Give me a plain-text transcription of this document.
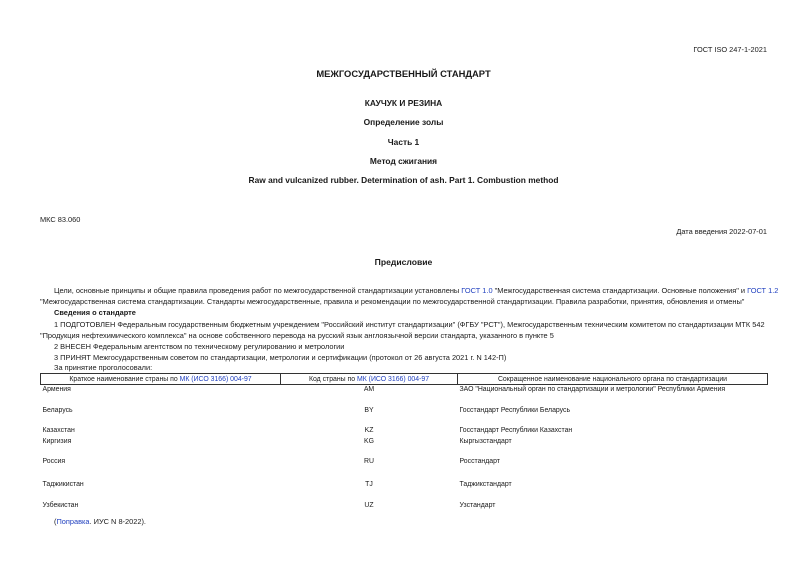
ГОСТ ISO 247-1-2021
МЕЖГОСУДАРСТВЕННЫЙ СТАНДАРТ
КАУЧУК И РЕЗИНА
Определение золы
Часть 1
Метод сжигания
Raw and vulcanized rubber. Determination of ash. Part 1. Combustion method
МКС 83.060
Дата введения 2022-07-01
Предисловие
Цели, основные принципы и общие правила проведения работ по межгосударственной стандартизации установлены ГОСТ 1.0 "Межгосударственная система стандартизации. Основные положения" и ГОСТ 1.2
"Межгосударственная система стандартизации. Стандарты межгосударственные, правила и рекомендации по межгосударственной стандартизации. Правила разработки, принятия, обновления и отмены"
Сведения о стандарте
1 ПОДГОТОВЛЕН Федеральным государственным бюджетным учреждением "Российский институт стандартизации" (ФГБУ "РСТ"), Межгосударственным техническим комитетом по стандартизации МТК 542
"Продукция нефтехимического комплекса" на основе собственного перевода на русский язык англоязычной версии стандарта, указанного в пункте 5
2 ВНЕСЕН Федеральным агентством по техническому регулированию и метрологии
3 ПРИНЯТ Межгосударственным советом по стандартизации, метрологии и сертификации (протокол от 26 августа 2021 г. N 142-П)
За принятие проголосовали:
Краткое наименование страны по МК (ИСО 3166) 004-97	Код страны по МК (ИСО 3166) 004-97	Сокращенное наименование национального органа по стандартизации
Армения	AM	ЗАО "Национальный орган по стандартизации и метрологии" Республики Армения
Беларусь	BY	Госстандарт Республики Беларусь
Казахстан	KZ	Госстандарт Республики Казахстан
Киргизия	KG	Кыргызстандарт
Россия	RU	Росстандарт
Таджикистан	TJ	Таджикстандарт
Узбекистан	UZ	Узстандарт
(Поправка. ИУС N 8-2022).
